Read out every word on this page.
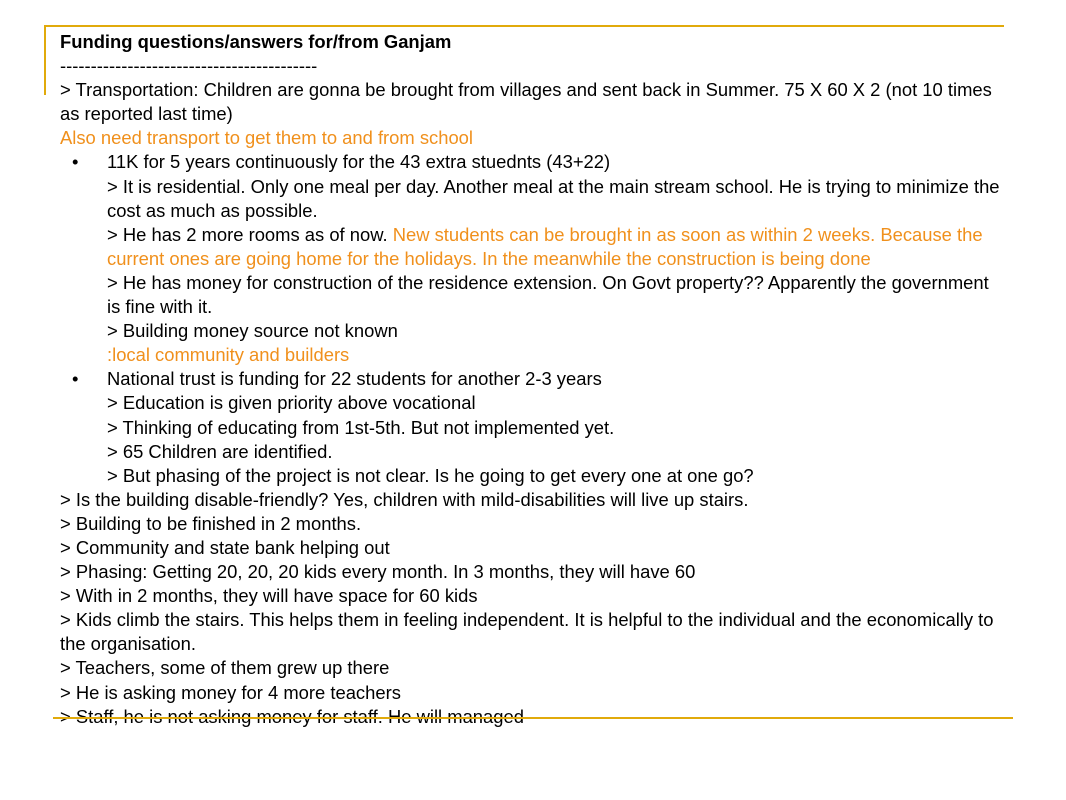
Funding questions/answers for/from Ganjam

------------------------------------------

> Transportation: Children are gonna be brought from villages and sent back in Summer. 75 X 60 X 2 (not 10 times as reported last time)

Also need transport to get them to and from school

• 11K for 5 years continuously for the 43 extra stuednts (43+22)

> It is residential. Only one meal per day. Another meal at the main stream school. He is trying to minimize the cost as much as possible.

> He has 2 more rooms as of now. New students can be brought in as soon as within 2 weeks. Because the current ones are going home for the holidays. In the meanwhile the construction is being done

> He has money for construction of the residence extension. On Govt property?? Apparently the government is fine with it.

> Building money source not known

:local community and builders

• National trust is funding for 22 students for another 2-3 years

> Education is given priority above vocational

> Thinking of educating from 1st-5th. But not implemented yet.

> 65 Children are identified.

> But phasing of the project is not clear. Is he going to get every one at one go?

> Is the building disable-friendly? Yes, children with mild-disabilities will live up stairs.

> Building to be finished in 2 months.

> Community and state bank helping out

> Phasing: Getting 20, 20, 20 kids every month. In 3 months, they will have 60

> With in 2 months, they will have space for 60 kids

> Kids climb the stairs. This helps them in feeling independent. It is helpful to the individual and the economically to the organisation.

> Teachers, some of them grew up there

> He is asking money for 4 more teachers
